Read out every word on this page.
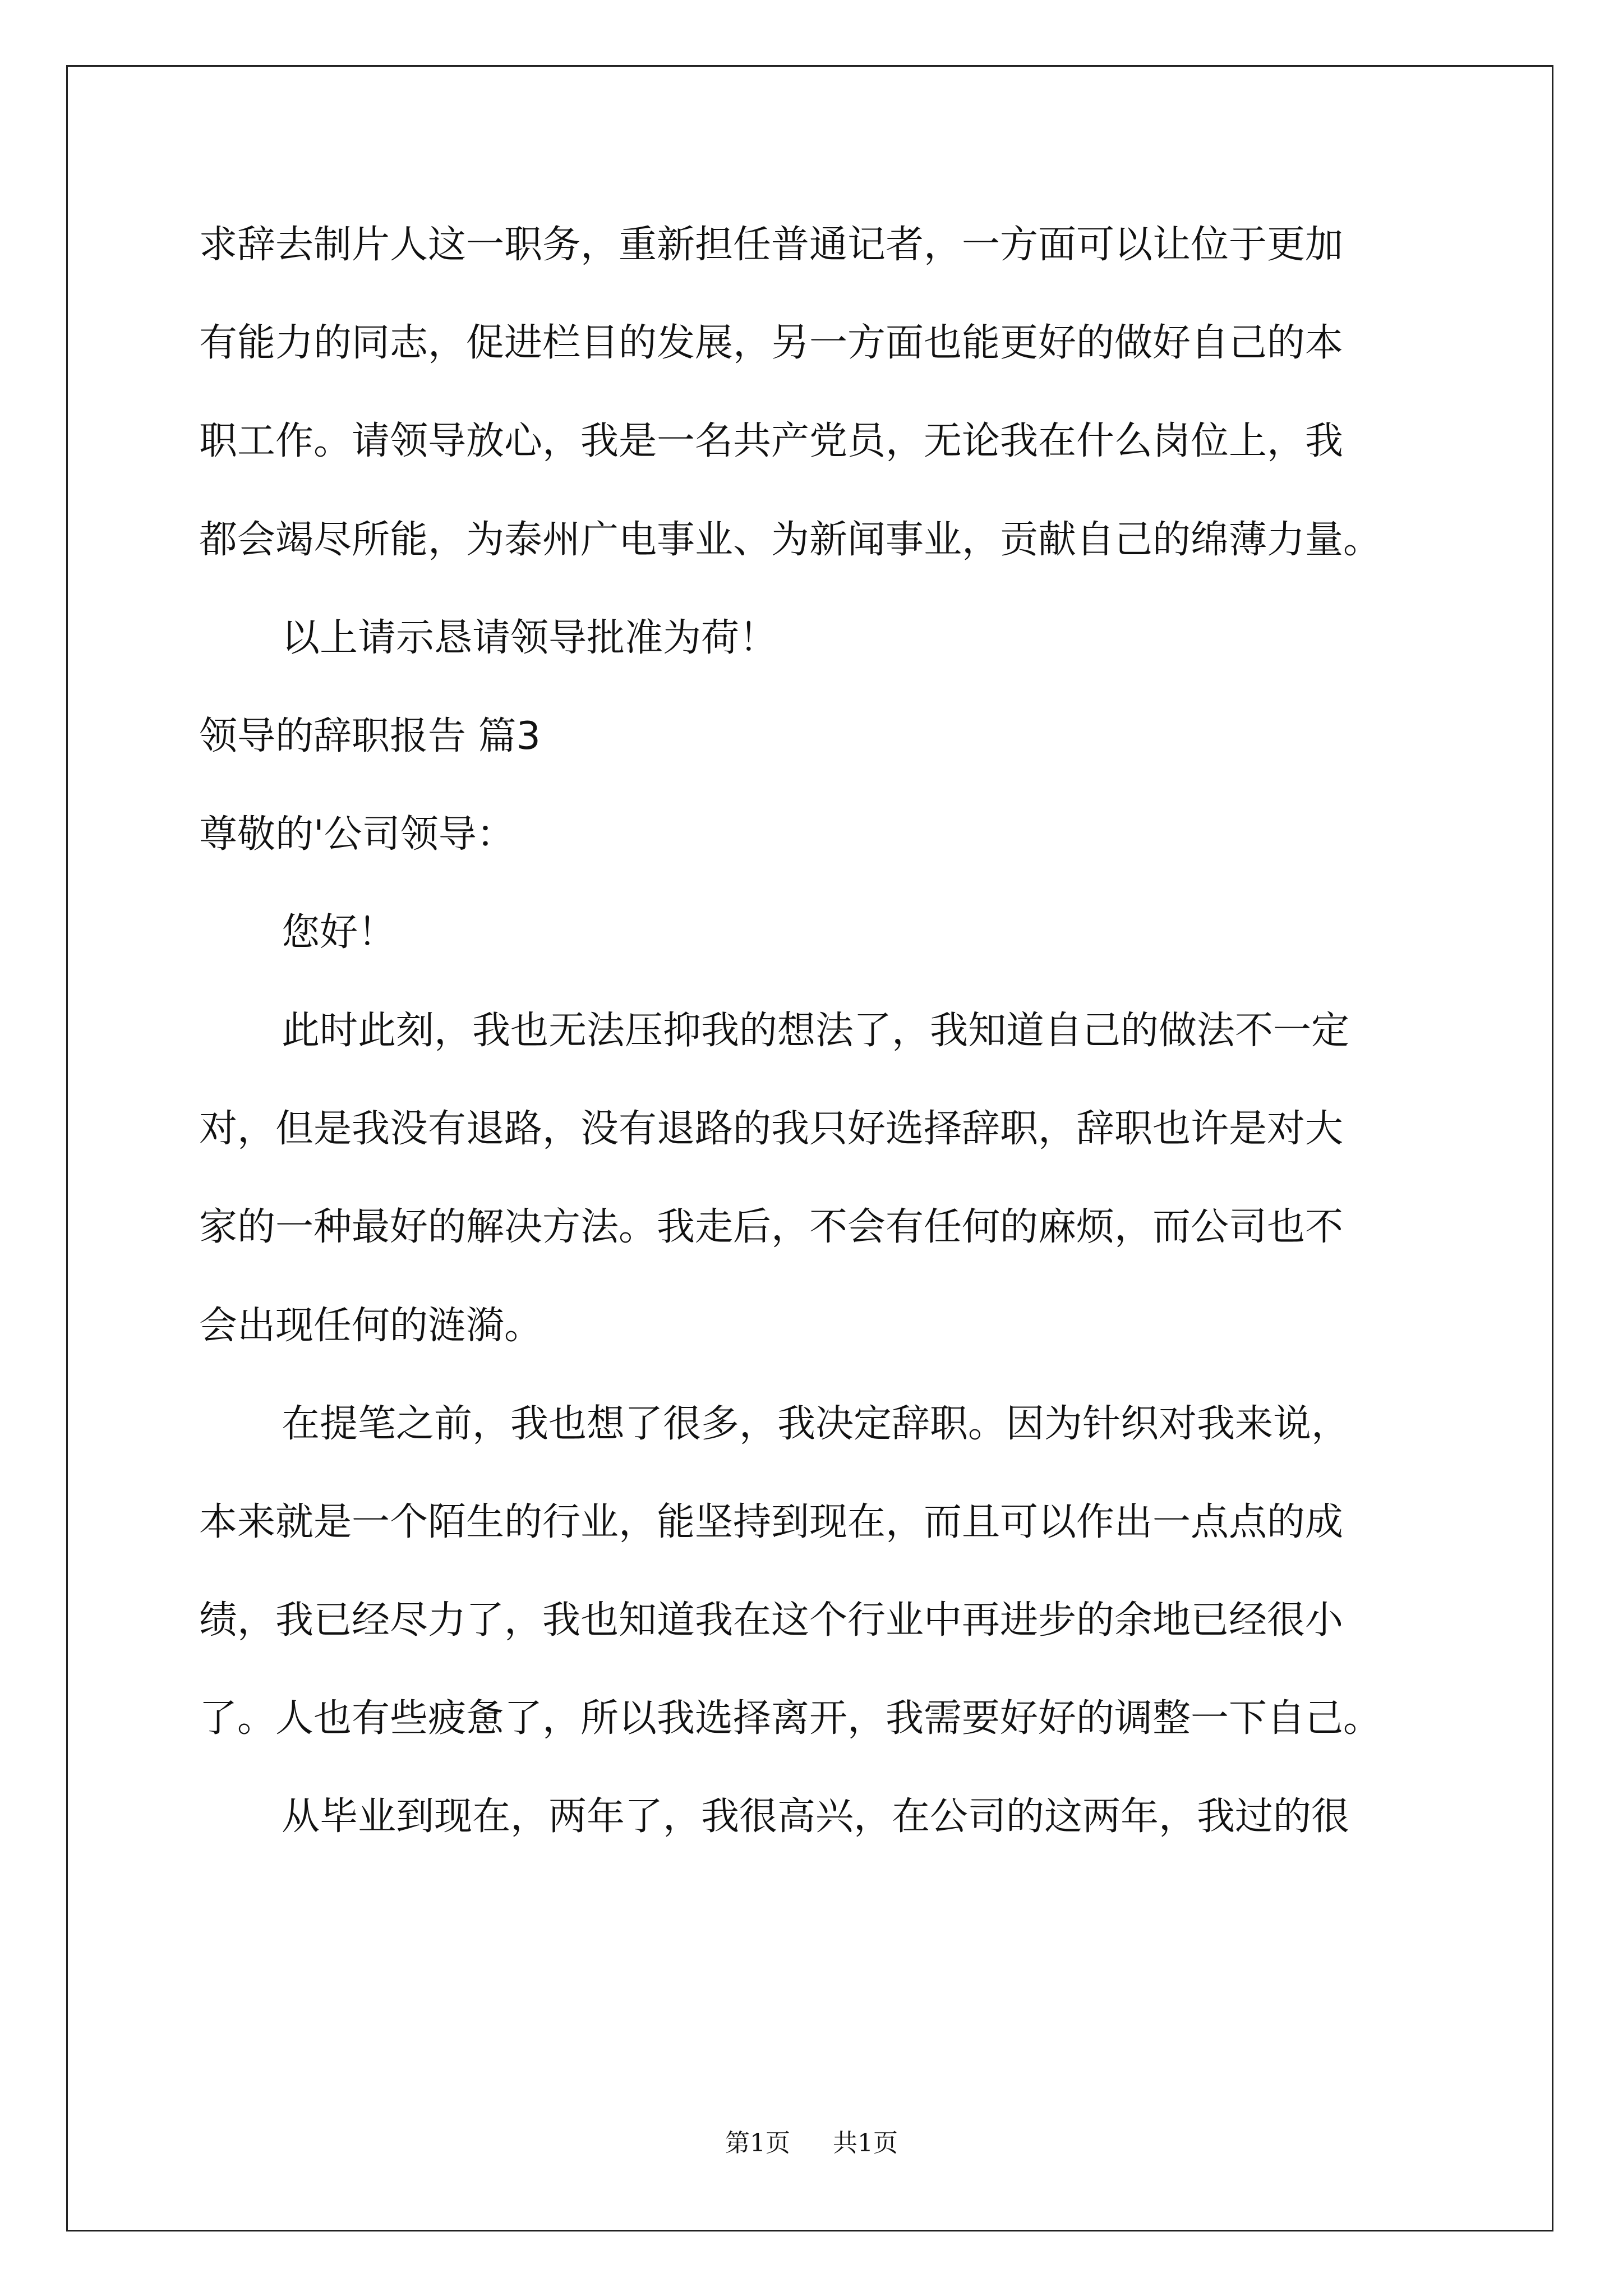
求辞去制片人这一职务，重新担任普通记者，一方面可以让位于更加
有能力的同志，促进栏目的发展，另一方面也能更好的做好自己的本
职工作。请领导放心，我是一名共产党员，无论我在什么岗位上，我
都会竭尽所能，为泰州广电事业、为新闻事业，贡献自己的绵薄力量。
以上请示恳请领导批准为荷！
领导的辞职报告 篇3
尊敬的'公司领导：
您好！
此时此刻，我也无法压抑我的想法了，我知道自己的做法不一定
对，但是我没有退路，没有退路的我只好选择辞职，辞职也许是对大
家的一种最好的解决方法。我走后，不会有任何的麻烦，而公司也不
会出现任何的涟漪。
在提笔之前，我也想了很多，我决定辞职。因为针织对我来说，
本来就是一个陌生的行业，能坚持到现在，而且可以作出一点点的成
绩，我已经尽力了，我也知道我在这个行业中再进步的余地已经很小
了。人也有些疲惫了，所以我选择离开，我需要好好的调整一下自己。
从毕业到现在，两年了，我很高兴，在公司的这两年，我过的很
第1页 共1页
